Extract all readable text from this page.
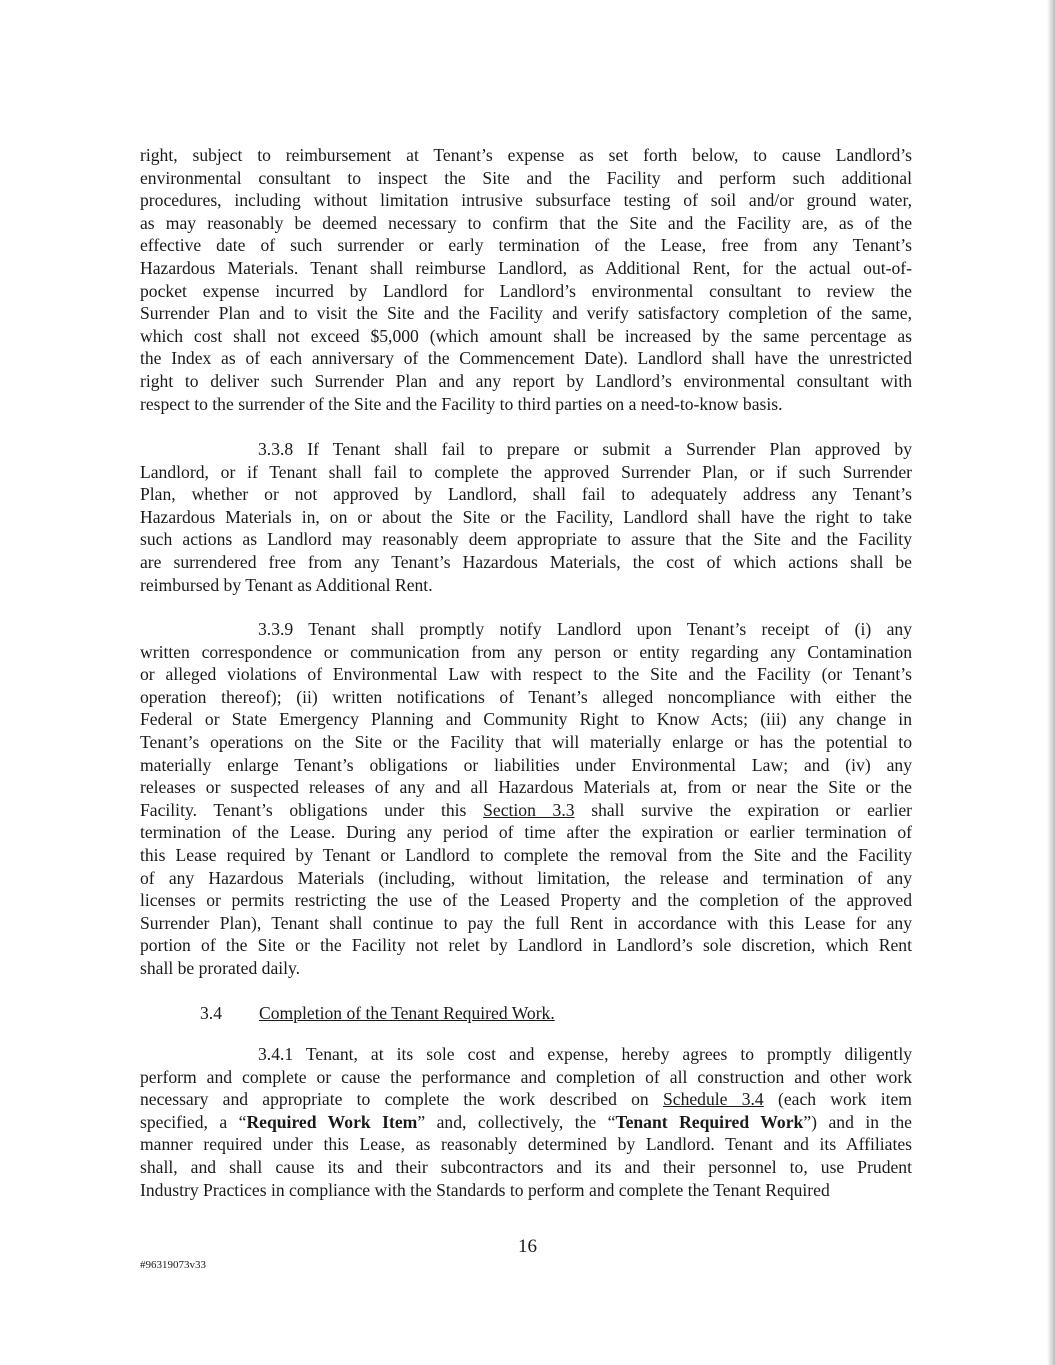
right, subject to reimbursement at Tenant’s expense as set forth below, to cause Landlord’s
environmental consultant to inspect the Site and the Facility and perform such additional
procedures, including without limitation intrusive subsurface testing of soil and/or ground water,
as may reasonably be deemed necessary to confirm that the Site and the Facility are, as of the
effective date of such surrender or early termination of the Lease, free from any Tenant’s
Hazardous Materials. Tenant shall reimburse Landlord, as Additional Rent, for the actual out-of-
pocket expense incurred by Landlord for Landlord’s environmental consultant to review the
Surrender Plan and to visit the Site and the Facility and verify satisfactory completion of the same,
which cost shall not exceed $5,000 (which amount shall be increased by the same percentage as
the Index as of each anniversary of the Commencement Date). Landlord shall have the unrestricted
right to deliver such Surrender Plan and any report by Landlord’s environmental consultant with
respect to the surrender of the Site and the Facility to third parties on a need-to-know basis.
3.3.8 If Tenant shall fail to prepare or submit a Surrender Plan approved by
Landlord, or if Tenant shall fail to complete the approved Surrender Plan, or if such Surrender
Plan, whether or not approved by Landlord, shall fail to adequately address any Tenant’s
Hazardous Materials in, on or about the Site or the Facility, Landlord shall have the right to take
such actions as Landlord may reasonably deem appropriate to assure that the Site and the Facility
are surrendered free from any Tenant’s Hazardous Materials, the cost of which actions shall be
reimbursed by Tenant as Additional Rent.
3.3.9 Tenant shall promptly notify Landlord upon Tenant’s receipt of (i) any
written correspondence or communication from any person or entity regarding any Contamination
or alleged violations of Environmental Law with respect to the Site and the Facility (or Tenant’s
operation thereof); (ii) written notifications of Tenant’s alleged noncompliance with either the
Federal or State Emergency Planning and Community Right to Know Acts; (iii) any change in
Tenant’s operations on the Site or the Facility that will materially enlarge or has the potential to
materially enlarge Tenant’s obligations or liabilities under Environmental Law; and (iv) any
releases or suspected releases of any and all Hazardous Materials at, from or near the Site or the
Facility. Tenant’s obligations under this Section 3.3 shall survive the expiration or earlier
termination of the Lease. During any period of time after the expiration or earlier termination of
this Lease required by Tenant or Landlord to complete the removal from the Site and the Facility
of any Hazardous Materials (including, without limitation, the release and termination of any
licenses or permits restricting the use of the Leased Property and the completion of the approved
Surrender Plan), Tenant shall continue to pay the full Rent in accordance with this Lease for any
portion of the Site or the Facility not relet by Landlord in Landlord’s sole discretion, which Rent
shall be prorated daily.
3.4 Completion of the Tenant Required Work.
3.4.1 Tenant, at its sole cost and expense, hereby agrees to promptly diligently
perform and complete or cause the performance and completion of all construction and other work
necessary and appropriate to complete the work described on Schedule 3.4 (each work item
specified, a “Required Work Item” and, collectively, the “Tenant Required Work”) and in the
manner required under this Lease, as reasonably determined by Landlord. Tenant and its Affiliates
shall, and shall cause its and their subcontractors and its and their personnel to, use Prudent
Industry Practices in compliance with the Standards to perform and complete the Tenant Required
16
#96319073v33
